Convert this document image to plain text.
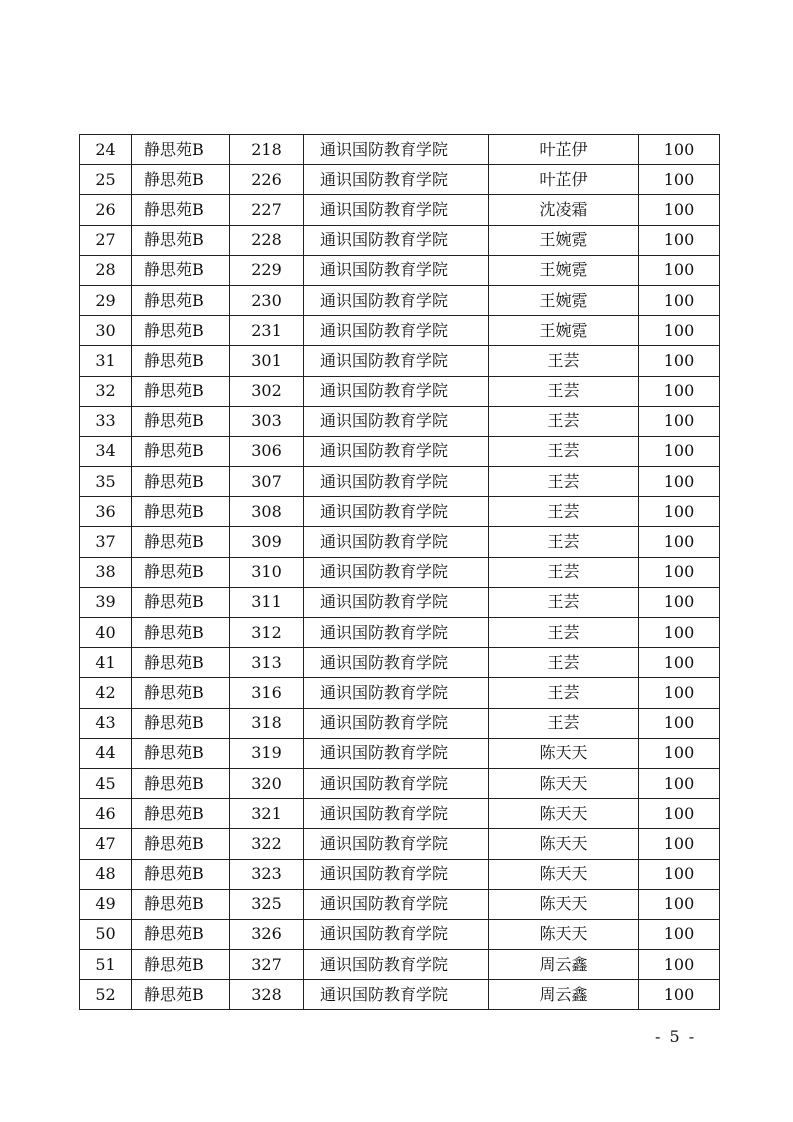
24	静思苑B	218	通识国防教育学院	叶芷伊	100
25	静思苑B	226	通识国防教育学院	叶芷伊	100
26	静思苑B	227	通识国防教育学院	沈凌霜	100
27	静思苑B	228	通识国防教育学院	王婉霓	100
28	静思苑B	229	通识国防教育学院	王婉霓	100
29	静思苑B	230	通识国防教育学院	王婉霓	100
30	静思苑B	231	通识国防教育学院	王婉霓	100
31	静思苑B	301	通识国防教育学院	王芸	100
32	静思苑B	302	通识国防教育学院	王芸	100
33	静思苑B	303	通识国防教育学院	王芸	100
34	静思苑B	306	通识国防教育学院	王芸	100
35	静思苑B	307	通识国防教育学院	王芸	100
36	静思苑B	308	通识国防教育学院	王芸	100
37	静思苑B	309	通识国防教育学院	王芸	100
38	静思苑B	310	通识国防教育学院	王芸	100
39	静思苑B	311	通识国防教育学院	王芸	100
40	静思苑B	312	通识国防教育学院	王芸	100
41	静思苑B	313	通识国防教育学院	王芸	100
42	静思苑B	316	通识国防教育学院	王芸	100
43	静思苑B	318	通识国防教育学院	王芸	100
44	静思苑B	319	通识国防教育学院	陈天天	100
45	静思苑B	320	通识国防教育学院	陈天天	100
46	静思苑B	321	通识国防教育学院	陈天天	100
47	静思苑B	322	通识国防教育学院	陈天天	100
48	静思苑B	323	通识国防教育学院	陈天天	100
49	静思苑B	325	通识国防教育学院	陈天天	100
50	静思苑B	326	通识国防教育学院	陈天天	100
51	静思苑B	327	通识国防教育学院	周云鑫	100
52	静思苑B	328	通识国防教育学院	周云鑫	100
- 5 -
